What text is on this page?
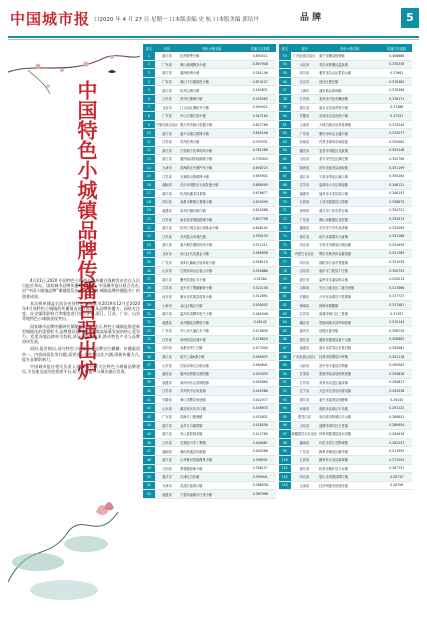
中国城市报 口2020 年 4 月 27 日 星期一 口本版责编 史 杭 口本版美编 郭培丹	品 牌	5
中国特色小城镇品牌传播百强出炉

4月21日,2020 中国特色小城镇品牌传播百强榜发布会在人民日报社举办。国家城市品牌传播研究课题、中国城市报社联合发布,由“中国小城镇品牌”课题组发布,是《特色小城镇品牌传播报告》的重要成果。

本次榜单涵盖全国各省份特色小城镇,对2019年12月至2020年4月间特色小城镇的传播情况进行监测,从品牌传播力、网络关注度、社交媒体影响力等维度进行综合评价,浙江、江苏、广东、山东等地特色小城镇表现突出。

国家城市品牌传播研究课题组负责人表示,特色小城镇是推进新型城镇化的重要抓手,品牌建设是特色小城镇高质量发展的核心竞争力。希望各地以榜单为契机,讲好小城镇故事,推动特色产业与品牌协同发展。

同时,报告指出,部分特色小城镇存在品牌定位模糊、传播渠道单一、内容同质化等问题,需要进一步挖掘文化内涵,创新传播方式,提升品牌影响力。

中国城市报社相关负责人表示,将持续关注特色小城镇品牌建设,为各地交流经验搭建平台,助力乡村振兴与城乡融合发展。

排名	省份	特色小镇名称	传播力总指数
1	浙江省	杭州梦想小镇	0.894311
2	广东省	佛山禅城陶谷小镇	0.897948
3	浙江省	湖州丝绸小镇	0.291106
4	广东省	佛山千灯湖创投小镇	0.874127
5	浙江省	杭州云栖小镇	0.163631
6	江苏省	常州石墨烯小镇	0.150063
7	北京市	门头沟区潭柘寺小镇	0.949421
8	广东省	中山古镇灯饰小镇	0.947164
9	宁夏回族自治区	银川市苏峪口瓷器小镇	0.827789
10	浙江省	嘉兴乌镇互联网小镇	0.692106
11	江苏省	苏州苏绣小镇	0.795331
12	浙江省	宁波海宁皮革时尚小镇	0.781289
13	浙江省	湖州南浔善琏湖笔小镇	0.735443
14	天津市	滨海新区中塘汽车小镇	0.698725
15	江苏省	无锡鸿山物联网小镇	0.695941
16	湖南省	长沙市浏阳市大瑶花炮小镇	0.686595
17	浙江省	杭州西湖龙坞茶镇	0.676677
18	四川省	成都市郫都区菁蓉小镇	0.632099
19	福建省	泉州石狮市蚶江镇	0.620088
20	江苏省	南京高淳国际慢城小镇	0.607798
21	浙江省	杭州上城玉皇山南基金小镇	0.606142
22	江苏省	苏州昆山市周庄镇	0.590135
23	浙江省	嘉兴桐乡濮院时尚小镇	0.571211
24	北京市	房山区长沟基金小镇	0.569658
25	广东省	深圳大鹏新区较场尾小镇	0.556119
26	山东省	日照市岚山区奎山小镇	0.550888
27	浙江省	衢州龙游红木小镇	0.52284
28	江苏省	宜兴市丁蜀镇紫砂小镇	0.522108
29	河北省	衡水市武强县周窝小镇	0.512691
30	上海市	金山区枫泾小镇	0.508402
31	浙江省	温州乐清柳市电气小镇	0.482948
32	福建省	泉州德化县陶瓷小镇	0.48142
33	广东省	中山市大涌红木小镇	0.479839
34	江苏省	徐州沛县汉城小镇	0.476824
35	四川省	成都市安仁古镇	0.473394
36	浙江省	绍兴上虞e游小镇	0.469937
37	山东省	济南市章丘区明水镇	0.464641
38	湖北省	随州市曾都区洛阳镇	0.453435
39	福建省	漳州市东山县铜陵镇	0.450664
40	江苏省	苏州吴中区甪直镇	0.445588
41	安徽省	黄山市黟县西递镇	0.442577
42	山东省	潍坊寿光市羊口镇	0.436933
43	广东省	珠海斗门莲洲镇	0.432831
44	浙江省	金华义乌佛堂镇	0.418056
45	浙江省	舟山普陀桃花镇	0.412783
46	江苏省	无锡宜兴市丁蜀镇	0.406481
47	湖南省	湘西凤凰县凤凰镇	0.405266
48	浙江省	台州黄岩智能模具小镇	0.396501
49	江西省	景德镇瓷都小镇	0.398157
50	重庆市	江津区白沙镇	0.390941
51	天津市	武清区崔黄口镇	0.388038
52	福建省	宁德市福鼎市白茶小镇	0.387996
排名	省份	特色小镇名称	传播力总指数
53	广西壮族自治区	南宁市横县校椅镇	0.386688
54	山东省	青岛市即墨区温泉镇	0.378336
55	四川省	雅安市名山区蒙顶山镇	0.37661
56	北京市	延庆区康庄镇	0.376482
57	上海市	浦东新区新场镇	0.376396
58	江苏省	泰州市兴化市戴南镇	0.376171
59	浙江省	丽水市龙泉青瓷小镇	0.37488
60	安徽省	宣城市泾县宣纸小镇	0.37297
61	云南省	大理白族自治州喜洲镇	0.370544
62	广东省	肇庆市四会玉器小镇	0.370077
63	河南省	许昌市禹州市神垕镇	0.355082
64	湖北省	宜昌市夷陵区龙泉镇	0.354148
65	山东省	泰安市岱岳区满庄镇	0.352706
66	陕西省	西安市蓝田县汤峪镇	0.351199
67	浙江省	宁波市奉化区溪口镇	0.350264
68	江苏省	盐城市大丰区草庙镇	0.348121
69	福建省	福州市永泰县嵩口镇	0.346147
70	江西省	上饶市婺源县江湾镇	0.338875
71	贵州省	遵义市仁怀市茅台镇	0.334721
72	广东省	佛山市顺德区北滘镇	0.332913
73	湖南省	长沙市宁乡市灰汤镇	0.332095
74	浙江省	绍兴市诸暨市大唐镇	0.331188
75	河北省	石家庄市鹿泉区铜冶镇	0.324959
76	内蒙古自治区	鄂尔多斯市伊金霍洛旗	0.321283
77	四川省	绵阳市江油市青莲镇	0.321039
78	山东省	临沂市兰陵县卞庄镇	0.320753
79	浙江省	温州市永嘉县桥头镇	0.320014
80	吉林省	长白山池北区二道白河镇	0.317866
81	安徽省	六安市金寨县天堂寨镇	0.317727
82	海南省	琼海市博鳌镇	0.317481
83	江苏省	南通市海门区三星镇	0.31397
84	湖北省	恩施州咸丰县坪坝营镇	0.310144
85	重庆市	涪陵区蔺市镇	0.308729
86	浙江省	湖州市德清县莫干山镇	0.306882
87	福建省	南平市武夷山市星村镇	0.303981
88	广西壮族自治区	桂林市阳朔县兴坪镇	0.301118
89	山西省	晋中市平遥县古陶镇	0.295582
90	甘肃省	张掖市临泽县倪家营镇	0.294818
91	江苏省	常州市武进区嘉泽镇	0.294817
92	辽宁省	大连市瓦房店市谢屯镇	0.294338
93	浙江省	嘉兴市嘉善县西塘镇	0.29145
94	河南省	洛阳市孟津区平乐镇	0.291122
95	黑龙江省	哈尔滨市阿城区平山镇	0.289851
96	山东省	淄博市周村区王村镇	0.286954
97	新疆维吾尔自治区	伊犁州霍城县清水河镇	0.284916
98	湖南省	怀化市洪江市黔城镇	0.283247
99	广东省	梅州市梅县区雁洋镇	0.271992
100	江西省	赣州市大余县新城镇	0.271504
101	浙江省	杭州市桐庐县分水镇	0.267757
102	四川省	眉山市洪雅县柳江镇	0.26715
103	云南省	红河州建水县西庄镇	0.26708
